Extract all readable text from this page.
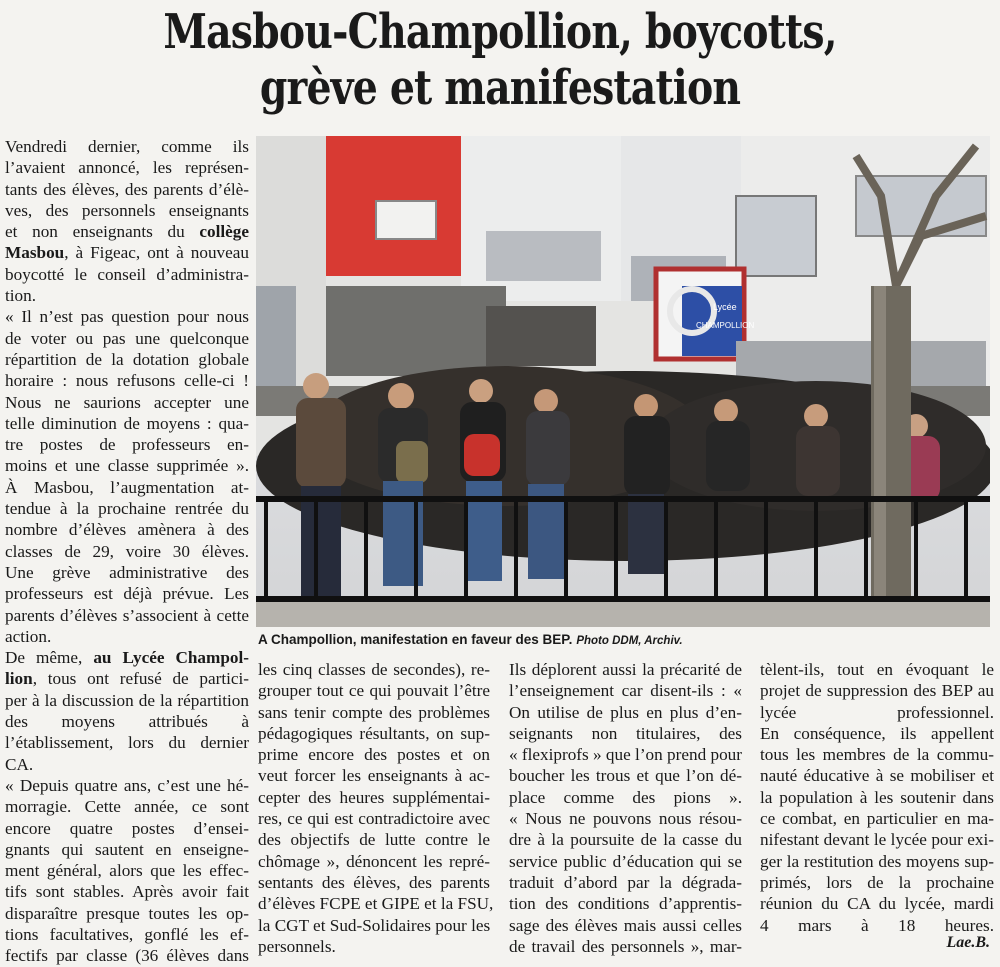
Masbou-Champollion, boycotts,
grève et manifestation

Vendredi dernier, comme ils
l’avaient annoncé, les représen-
tants des élèves, des parents d’élè-
ves, des personnels enseignants
et non enseignants du collège
Masbou, à Figeac, ont à nouveau
boycotté le conseil d’administra-
tion.

« Il n’est pas question pour nous
de voter ou pas une quelconque
répartition de la dotation globale
horaire : nous refusons celle-ci !
Nous ne saurions accepter une
telle diminution de moyens : qua-
tre postes de professeurs en-
moins et une classe supprimée ».

À Masbou, l’augmentation at-
tendue à la prochaine rentrée du
nombre d’élèves amènera à des
classes de 29, voire 30 élèves.

Une grève administrative des
professeurs est déjà prévue. Les
parents d’élèves s’associent à cette
action.

De même, au Lycée Champol-
lion, tous ont refusé de partici-
per à la discussion de la répartition
des moyens attribués à
l’établissement, lors du dernier
CA.

« Depuis quatre ans, c’est une hé-
morragie. Cette année, ce sont
encore quatre postes d’ensei-
gnants qui sautent en enseigne-
ment général, alors que les effec-
tifs sont stables. Après avoir fait
disparaître presque toutes les op-
tions facultatives, gonflé les ef-
fectifs par classe (36 élèves dans

Lycée
CHAMPOLLION
A Champollion, manifestation en faveur des BEP. Photo DDM, Archiv.

les cinq classes de secondes), re-
grouper tout ce qui pouvait l’être
sans tenir compte des problèmes
pédagogiques résultants, on sup-
prime encore des postes et on
veut forcer les enseignants à ac-
cepter des heures supplémentai-
res, ce qui est contradictoire avec
des objectifs de lutte contre le
chômage », dénoncent les repré-
sentants des élèves, des parents
d’élèves FCPE et GIPE et la FSU,
la CGT et Sud-Solidaires pour les
personnels.

Ils déplorent aussi la précarité de
l’enseignement car disent-ils : «
On utilise de plus en plus d’en-
seignants non titulaires, des
« flexiprofs » que l’on prend pour
boucher les trous et que l’on dé-
place comme des pions ».

« Nous ne pouvons nous résou-
dre à la poursuite de la casse du
service public d’éducation qui se
traduit d’abord par la dégrada-
tion des conditions d’apprentis-
sage des élèves mais aussi celles
de travail des personnels », mar-

tèlent-ils, tout en évoquant le
projet de suppression des BEP au
lycée professionnel.

En conséquence, ils appellent
tous les membres de la commu-
nauté éducative à se mobiliser et
la population à les soutenir dans
ce combat, en particulier en ma-
nifestant devant le lycée pour exi-
ger la restitution des moyens sup-
primés, lors de la prochaine
réunion du CA du lycée, mardi
4 mars à 18 heures.

Lae.B.
